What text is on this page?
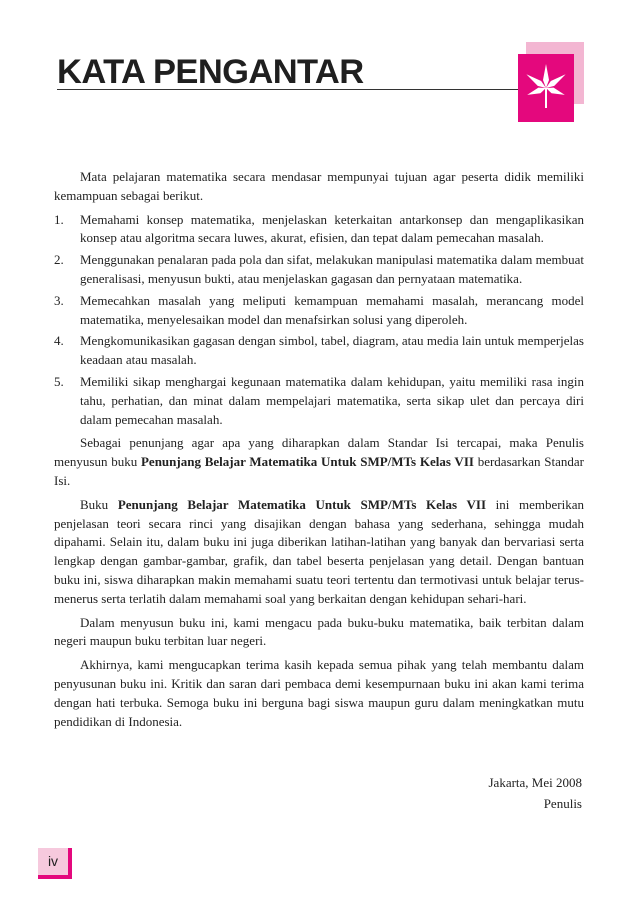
KATA PENGANTAR

Mata pelajaran matematika secara mendasar mempunyai tujuan agar peserta didik memiliki kemampuan sebagai berikut.

1. Memahami konsep matematika, menjelaskan keterkaitan antarkonsep dan mengaplikasikan konsep atau algoritma secara luwes, akurat, efisien, dan tepat dalam pemecahan masalah.
2. Menggunakan penalaran pada pola dan sifat, melakukan manipulasi matematika dalam membuat generalisasi, menyusun bukti, atau menjelaskan gagasan dan pernyataan matematika.
3. Memecahkan masalah yang meliputi kemampuan memahami masalah, merancang model matematika, menyelesaikan model dan menafsirkan solusi yang diperoleh.
4. Mengkomunikasikan gagasan dengan simbol, tabel, diagram, atau media lain untuk memperjelas keadaan atau masalah.
5. Memiliki sikap menghargai kegunaan matematika dalam kehidupan, yaitu memiliki rasa ingin tahu, perhatian, dan minat dalam mempelajari matematika, serta sikap ulet dan percaya diri dalam pemecahan masalah.

Sebagai penunjang agar apa yang diharapkan dalam Standar Isi tercapai, maka Penulis menyusun buku Penunjang Belajar Matematika Untuk SMP/MTs Kelas VII berdasarkan Standar Isi.

Buku Penunjang Belajar Matematika Untuk SMP/MTs Kelas VII ini memberikan penjelasan teori secara rinci yang disajikan dengan bahasa yang sederhana, sehingga mudah dipahami. Selain itu, dalam buku ini juga diberikan latihan-latihan yang banyak dan bervariasi serta lengkap dengan gambar-gambar, grafik, dan tabel beserta penjelasan yang detail. Dengan bantuan buku ini, siswa diharapkan makin memahami suatu teori tertentu dan termotivasi untuk belajar terus-menerus serta terlatih dalam memahami soal yang berkaitan dengan kehidupan sehari-hari.

Dalam menyusun buku ini, kami mengacu pada buku-buku matematika, baik terbitan dalam negeri maupun buku terbitan luar negeri.

Akhirnya, kami mengucapkan terima kasih kepada semua pihak yang telah membantu dalam penyusunan buku ini. Kritik dan saran dari pembaca demi kesempurnaan buku ini akan kami terima dengan hati terbuka. Semoga buku ini berguna bagi siswa maupun guru dalam meningkatkan mutu pendidikan di Indonesia.

Jakarta, Mei 2008
Penulis
iv
